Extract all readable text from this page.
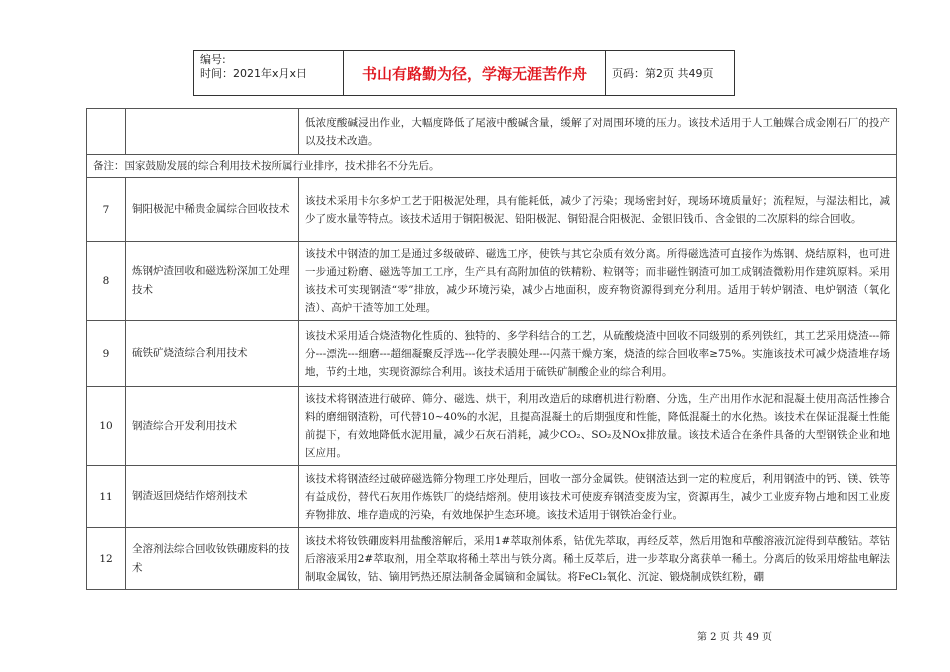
编号:
时间：2021年x月x日	书山有路勤为径，学海无涯苦作舟	页码：第2页 共49页
		低浓度酸碱浸出作业，大幅度降低了尾液中酸碱含量，缓解了对周围环境的压力。该技术适用于人工触媒合成金刚石厂的投产以及技术改造。
备注：国家鼓励发展的综合利用技术按所属行业排序，技术排名不分先后。		
7	铜阳极泥中稀贵金属综合回收技术	该技术采用卡尔多炉工艺于阳极泥处理，具有能耗低，减少了污染；现场密封好，现场环境质量好；流程短，与湿法相比，减少了废水量等特点。该技术适用于铜阳极泥、铅阳极泥、铜铅混合阳极泥、金银旧钱币、含金银的二次原料的综合回收。
8	炼钢炉渣回收和磁选粉深加工处理技术	该技术中钢渣的加工是通过多级破碎、磁选工序，使铁与其它杂质有效分离。所得磁选渣可直接作为炼钢、烧结原料，也可进一步通过粉磨、磁选等加工工序，生产具有高附加值的铁精粉、粒钢等；而非磁性钢渣可加工成钢渣微粉用作建筑原料。采用该技术可实现钢渣“零”排放，减少环境污染，减少占地面积，废弃物资源得到充分利用。适用于转炉钢渣、电炉钢渣（氧化渣）、高炉干渣等加工处理。
9	硫铁矿烧渣综合利用技术	该技术采用适合烧渣物化性质的、独特的、多学科结合的工艺，从硫酸烧渣中回收不同级别的系列铁红，其工艺采用烧渣---筛分---漂洗---细磨---超细凝聚反浮选---化学表膜处理---闪蒸干燥方案，烧渣的综合回收率≥75%。实施该技术可减少烧渣堆存场地，节约土地，实现资源综合利用。该技术适用于硫铁矿制酸企业的综合利用。
10	钢渣综合开发利用技术	该技术将钢渣进行破碎、筛分、磁选、烘干，利用改造后的球磨机进行粉磨、分选，生产出用作水泥和混凝土使用高活性掺合料的磨细钢渣粉，可代替10~40%的水泥，且提高混凝土的后期强度和性能，降低混凝土的水化热。该技术在保证混凝土性能前提下，有效地降低水泥用量，减少石灰石消耗，减少CO₂、SO₂及NOx排放量。该技术适合在条件具备的大型钢铁企业和地区应用。
11	钢渣返回烧结作熔剂技术	该技术将钢渣经过破碎磁选筛分物理工序处理后，回收一部分金属铁。使钢渣达到一定的粒度后，利用钢渣中的钙、镁、铁等有益成份，替代石灰用作炼铁厂的烧结熔剂。使用该技术可使废弃钢渣变废为宝，资源再生，减少工业废弃物占地和因工业废弃物排放、堆存造成的污染，有效地保护生态环境。该技术适用于钢铁冶金行业。
12	全溶剂法综合回收钕铁硼废料的技术	该技术将钕铁硼废料用盐酸溶解后，采用1#萃取剂体系，钴优先萃取，再经反萃，然后用饱和草酸溶液沉淀得到草酸钴。萃钴后溶液采用2#萃取剂，用全萃取将稀土萃出与铁分离。稀土反萃后，进一步萃取分离获单一稀土。分离后的钕采用熔盐电解法制取金属钕，钴、镝用钙热还原法制备金属镝和金属钛。将FeCl₂氧化、沉淀、锻烧制成铁红粉，硼
第 2 页 共 49 页
